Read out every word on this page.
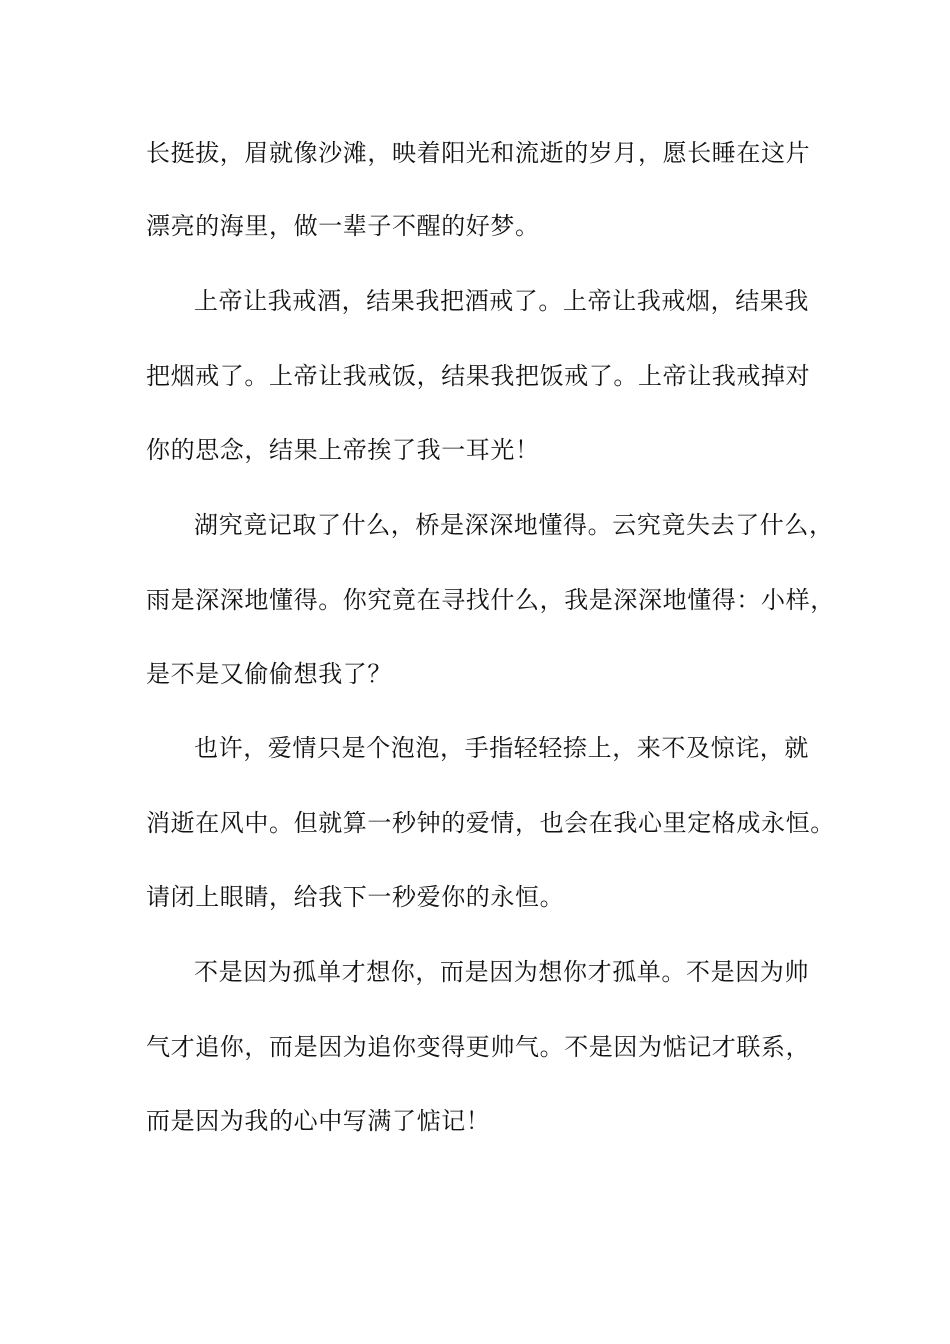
长挺拔，眉就像沙滩，映着阳光和流逝的岁月，愿长睡在这片
漂亮的海里，做一辈子不醒的好梦。
上帝让我戒酒，结果我把酒戒了。上帝让我戒烟，结果我
把烟戒了。上帝让我戒饭，结果我把饭戒了。上帝让我戒掉对
你的思念，结果上帝挨了我一耳光！
湖究竟记取了什么，桥是深深地懂得。云究竟失去了什么，
雨是深深地懂得。你究竟在寻找什么，我是深深地懂得：小样，
是不是又偷偷想我了？
也许，爱情只是个泡泡，手指轻轻捺上，来不及惊诧，就
消逝在风中。但就算一秒钟的爱情，也会在我心里定格成永恒。
请闭上眼睛，给我下一秒爱你的永恒。
不是因为孤单才想你，而是因为想你才孤单。不是因为帅
气才追你，而是因为追你变得更帅气。不是因为惦记才联系，
而是因为我的心中写满了惦记！
